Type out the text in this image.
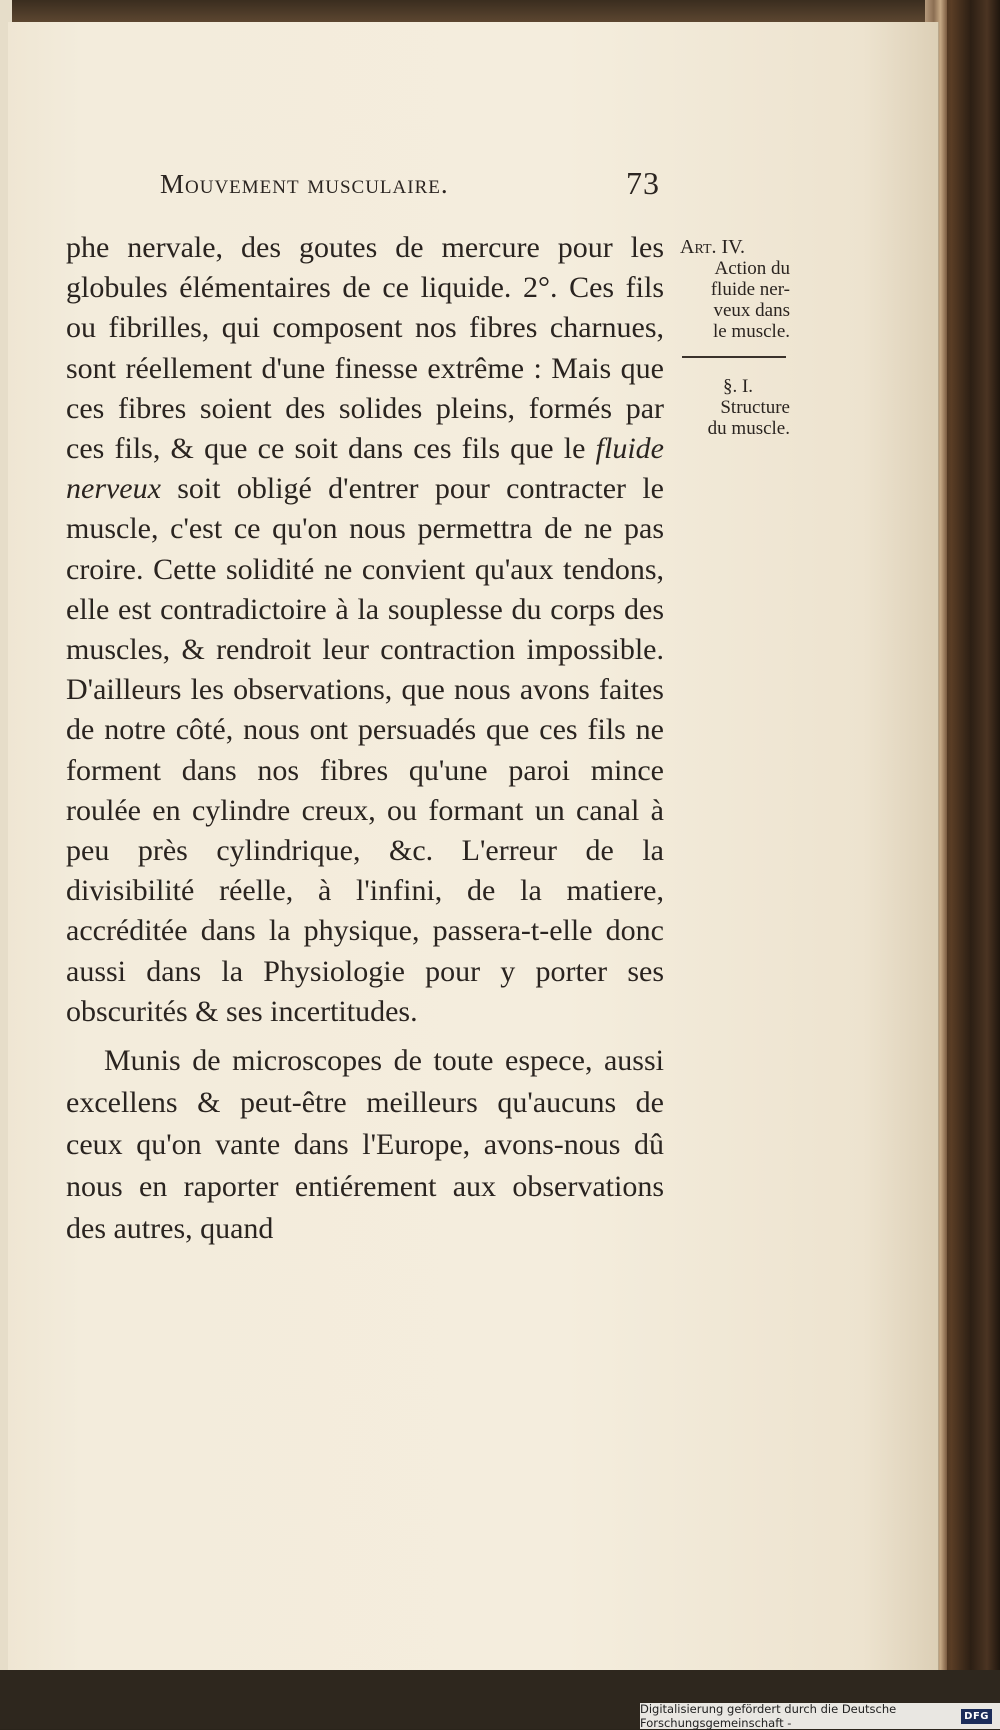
Mouvement musculaire.	73

phe nervale, des goutes de mercure pour les globules élémentaires de ce liquide. 2°. Ces fils ou fibrilles, qui composent nos fibres charnues, sont réellement d'une finesse extrême : Mais que ces fibres soient des solides pleins, formés par ces fils, & que ce soit dans ces fils que le fluide nerveux soit obligé d'entrer pour contracter le muscle, c'est ce qu'on nous permettra de ne pas croire. Cette solidité ne convient qu'aux tendons, elle est contradictoire à la souplesse du corps des muscles, & rendroit leur contraction impossible. D'ailleurs les observations, que nous avons faites de notre côté, nous ont persuadés que ces fils ne forment dans nos fibres qu'une paroi mince roulée en cylindre creux, ou formant un canal à peu près cylindrique, &c. L'erreur de la divisibilité réelle, à l'infini, de la matiere, accréditée dans la physique, passera-t-elle donc aussi dans la Physiologie pour y porter ses obscurités & ses incertitudes.

Munis de microscopes de toute espece, aussi excellens & peut-être meilleurs qu'aucuns de ceux qu'on vante dans l'Europe, avons-nous dû nous en raporter entiérement aux observations des autres, quand

Art. IV.
Action du
fluide ner-
veux dans
le muscle.
§. I.
Structure
du muscle.
Digitalisierung gefördert durch die Deutsche Forschungsgemeinschaft -	DFG
